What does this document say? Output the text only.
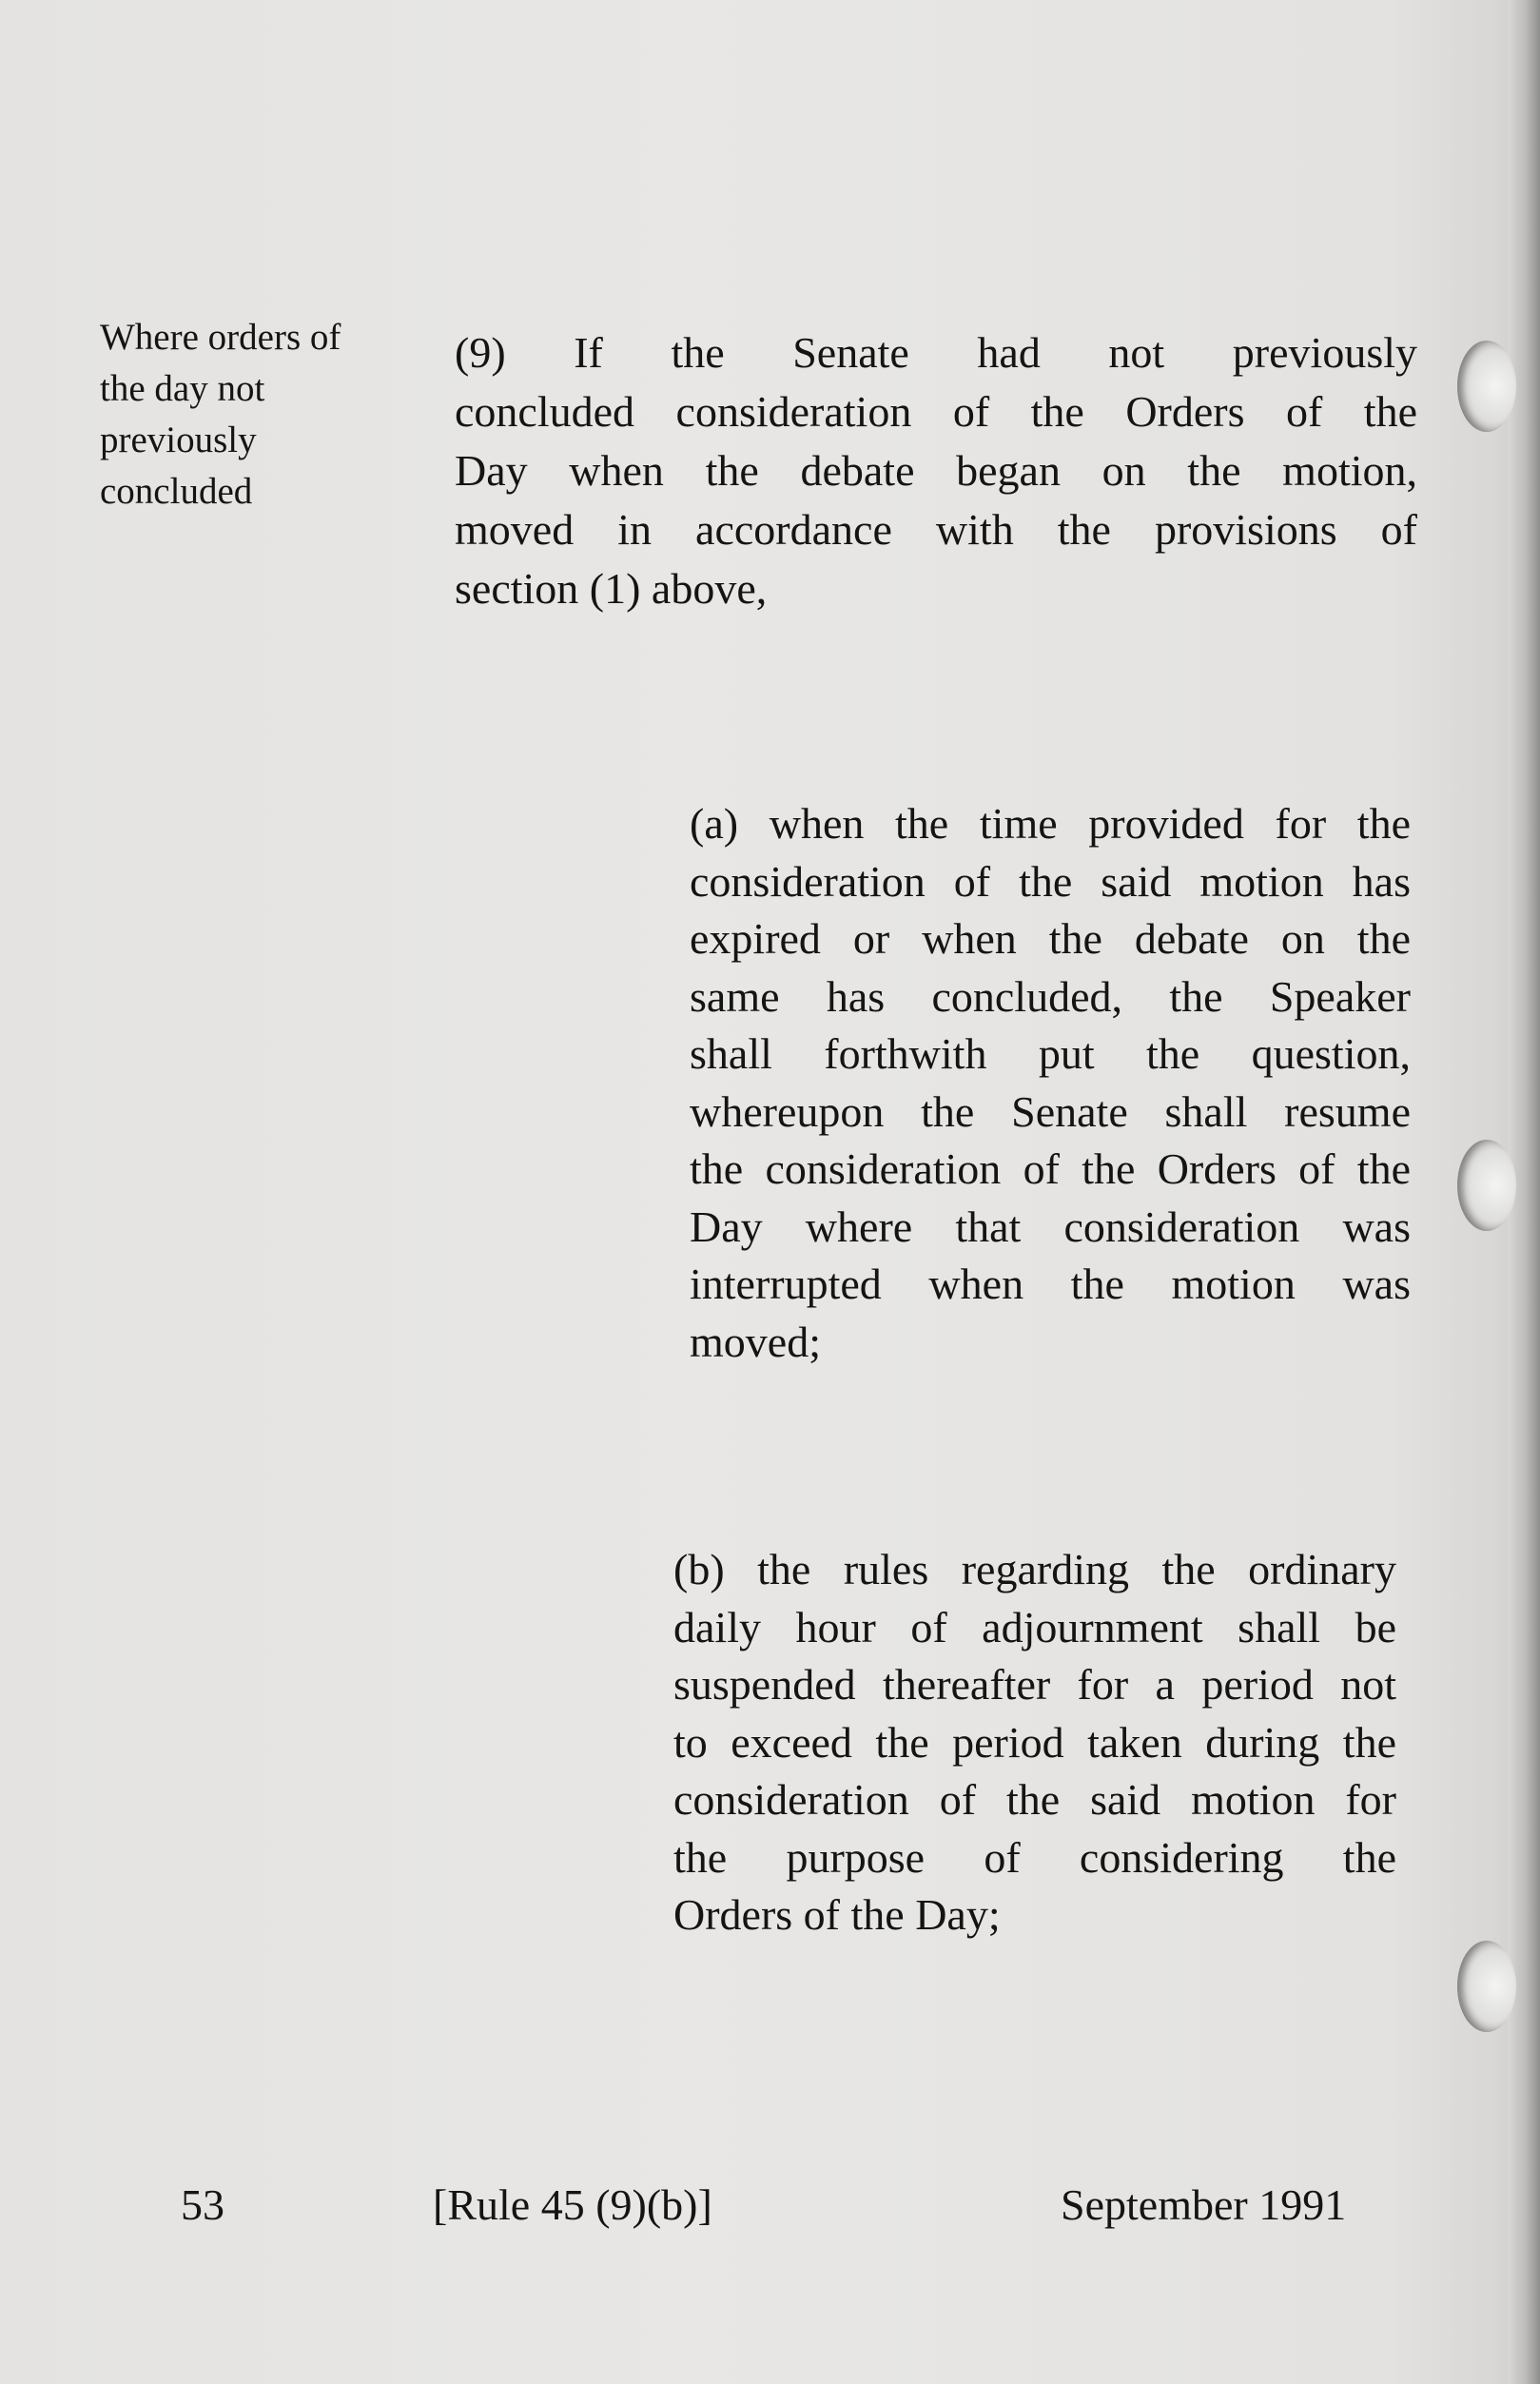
Where orders of
the day not
previously
concluded
(9) If the Senate had not previously
concluded consideration of the Orders of the
Day when the debate began on the motion,
moved in accordance with the provisions of
section (1) above,
(a) when the time provided for the
consideration of the said motion has
expired or when the debate on the
same has concluded, the Speaker
shall forthwith put the question,
whereupon the Senate shall resume
the consideration of the Orders of the
Day where that consideration was
interrupted when the motion was
moved;
(b) the rules regarding the ordinary
daily hour of adjournment shall be
suspended thereafter for a period not
to exceed the period taken during the
consideration of the said motion for
the purpose of considering the
Orders of the Day;
53	[Rule 45 (9)(b)]	September 1991
